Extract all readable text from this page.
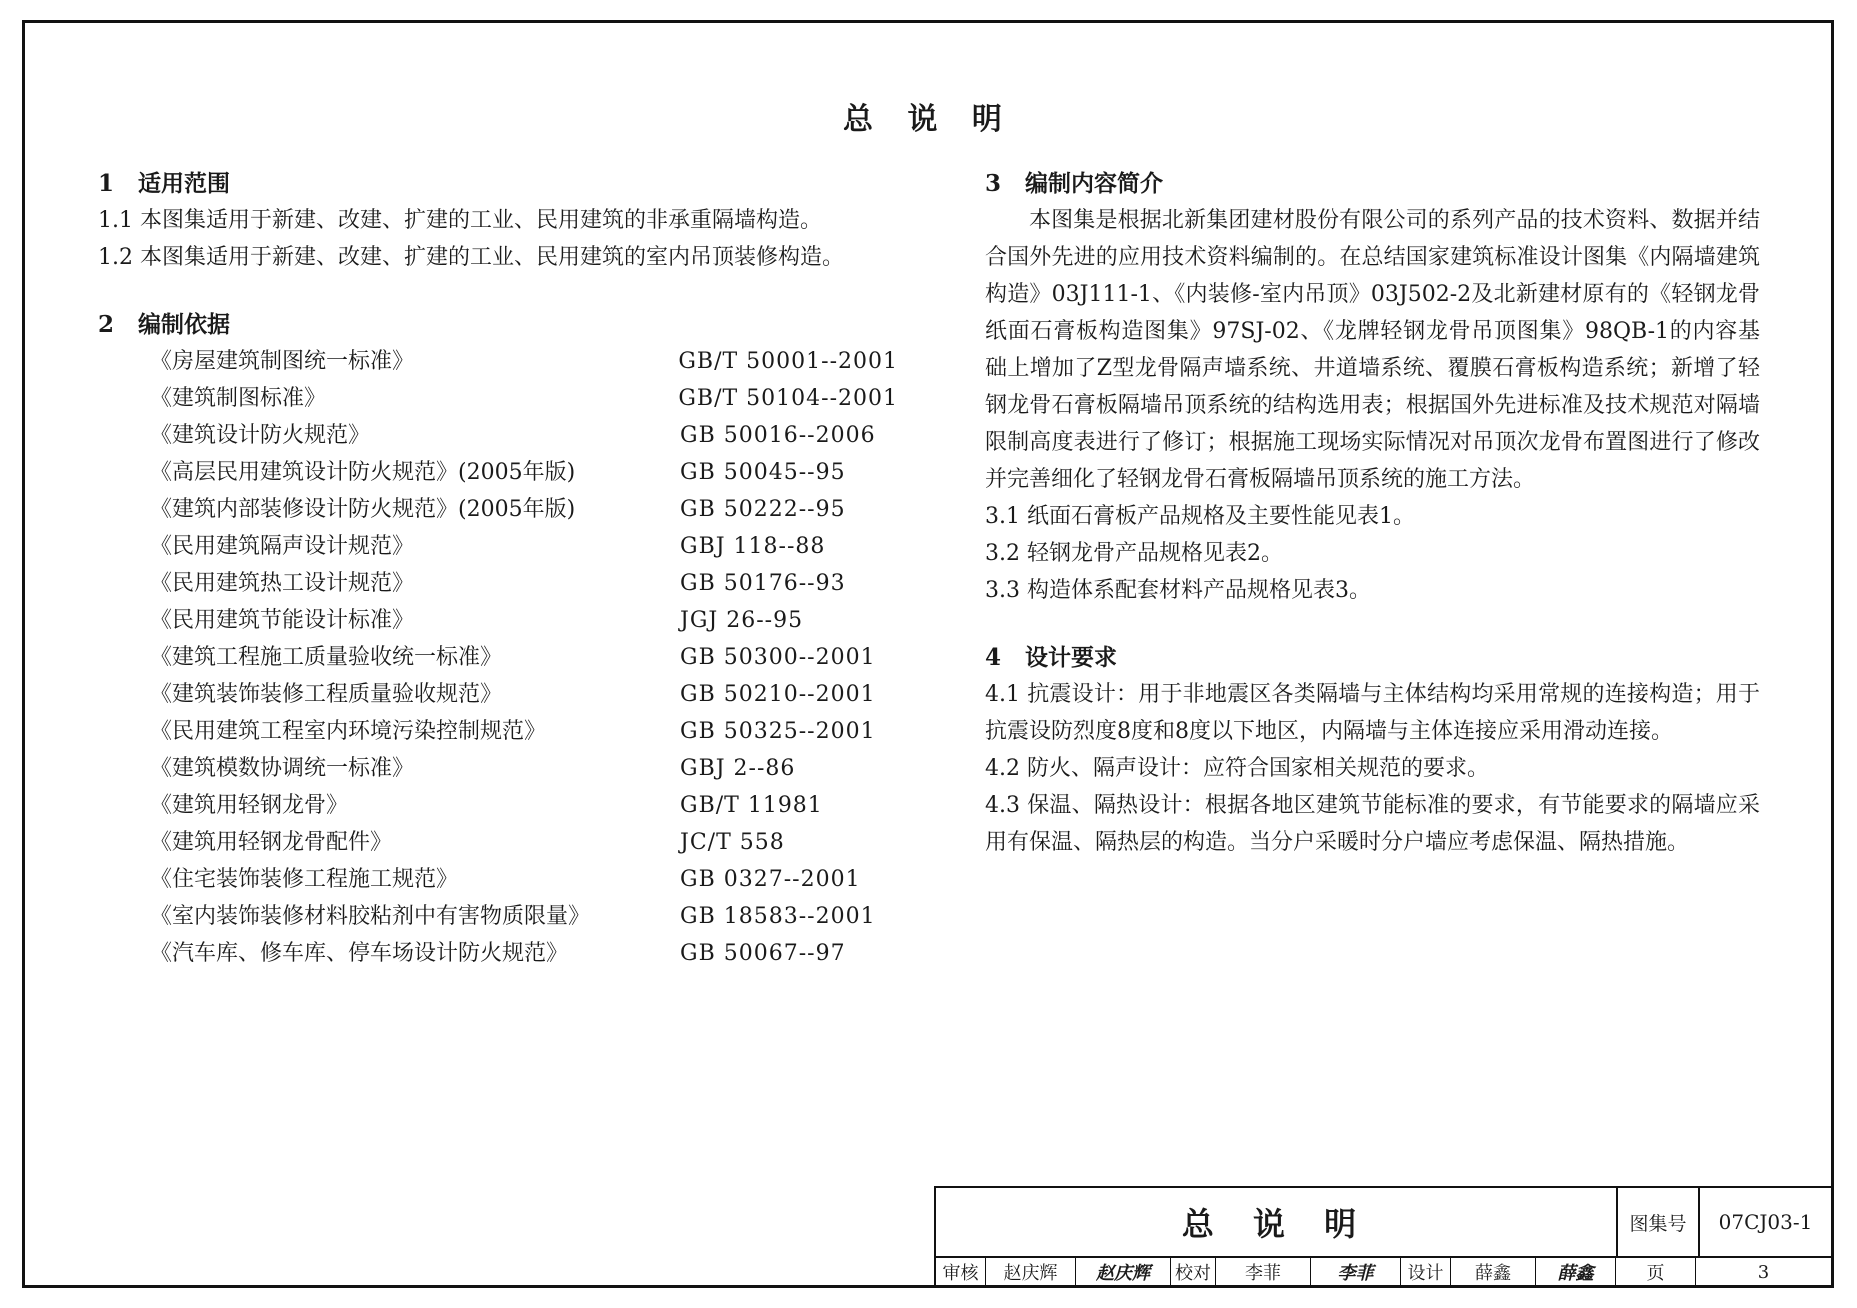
总 说 明
1 适用范围

1.1 本图集适用于新建、改建、扩建的工业、民用建筑的非承重隔墙构造。

1.2 本图集适用于新建、改建、扩建的工业、民用建筑的室内吊顶装修构造。

2 编制依据
《房屋建筑制图统一标准》	GB/T 50001--2001
《建筑制图标准》	GB/T 50104--2001
《建筑设计防火规范》	GB 50016--2006
《高层民用建筑设计防火规范》(2005年版)	GB 50045--95
《建筑内部装修设计防火规范》(2005年版)	GB 50222--95
《民用建筑隔声设计规范》	GBJ 118--88
《民用建筑热工设计规范》	GB 50176--93
《民用建筑节能设计标准》	JGJ 26--95
《建筑工程施工质量验收统一标准》	GB 50300--2001
《建筑装饰装修工程质量验收规范》	GB 50210--2001
《民用建筑工程室内环境污染控制规范》	GB 50325--2001
《建筑模数协调统一标准》	GBJ 2--86
《建筑用轻钢龙骨》	GB/T 11981
《建筑用轻钢龙骨配件》	JC/T 558
《住宅装饰装修工程施工规范》	GB 0327--2001
《室内装饰装修材料胶粘剂中有害物质限量》	GB 18583--2001
《汽车库、修车库、停车场设计防火规范》	GB 50067--97
3 编制内容简介

本图集是根据北新集团建材股份有限公司的系列产品的技术资料、数据并结合国外先进的应用技术资料编制的。在总结国家建筑标准设计图集《内隔墙建筑构造》03J111-1、《内装修-室内吊顶》03J502-2及北新建材原有的《轻钢龙骨纸面石膏板构造图集》97SJ-02、《龙牌轻钢龙骨吊顶图集》98QB-1的内容基础上增加了Z型龙骨隔声墙系统、井道墙系统、覆膜石膏板构造系统；新增了轻钢龙骨石膏板隔墙吊顶系统的结构选用表；根据国外先进标准及技术规范对隔墙限制高度表进行了修订；根据施工现场实际情况对吊顶次龙骨布置图进行了修改并完善细化了轻钢龙骨石膏板隔墙吊顶系统的施工方法。

3.1 纸面石膏板产品规格及主要性能见表1。

3.2 轻钢龙骨产品规格见表2。

3.3 构造体系配套材料产品规格见表3。

4 设计要求

4.1 抗震设计：用于非地震区各类隔墙与主体结构均采用常规的连接构造；用于抗震设防烈度8度和8度以下地区，内隔墙与主体连接应采用滑动连接。

4.2 防火、隔声设计：应符合国家相关规范的要求。

4.3 保温、隔热设计：根据各地区建筑节能标准的要求，有节能要求的隔墙应采用有保温、隔热层的构造。当分户采暖时分户墙应考虑保温、隔热措施。

总 说 明	图集号	07CJ03-1
审核	赵庆辉	赵庆辉	校对	李菲	李菲	设计	薛鑫	薛鑫	页	3
